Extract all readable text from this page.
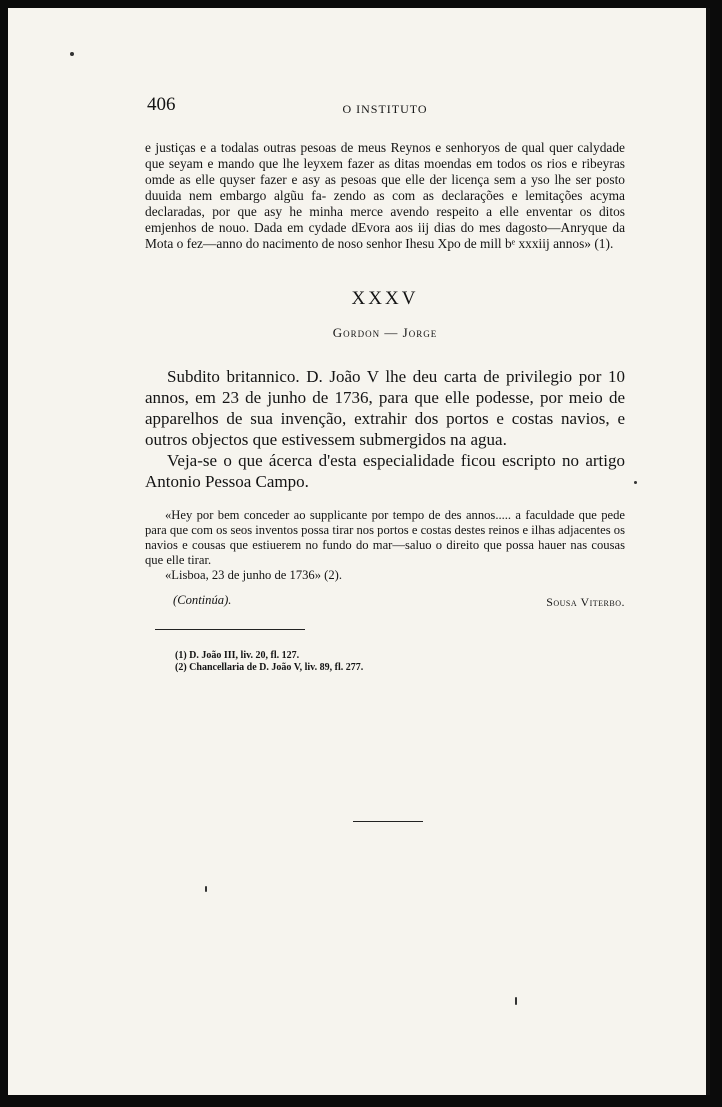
406	O INSTITUTO
e justiças e a todalas outras pesoas de meus Reynos e senhoryos de qual quer calydade que seyam e mando que lhe leyxem fazer as ditas moendas em todos os rios e ribeyras omde as elle quyser fazer e asy as pesoas que elle der licença sem a yso lhe ser posto duuida nem embargo algũu fa- zendo as com as declarações e lemitações acyma declaradas, por que asy he minha merce avendo respeito a elle enventar os ditos emjenhos de nouo. Dada em cydade dEvora aos iij dias do mes dagosto—Anryque da Mota o fez—anno do nacimento de noso senhor Ihesu Xpo de mill bᵉ xxxiij annos» (1).
XXXV
Gordon — Jorge

Subdito britannico. D. João V lhe deu carta de privilegio por 10 annos, em 23 de junho de 1736, para que elle podesse, por meio de apparelhos de sua invenção, extrahir dos portos e costas navios, e outros objectos que estivessem submergidos na agua.

Veja-se o que ácerca d'esta especialidade ficou escripto no artigo Antonio Pessoa Campo.

«Hey por bem conceder ao supplicante por tempo de des annos..... a faculdade que pede para que com os seos inventos possa tirar nos portos e costas destes reinos e ilhas adjacentes os navios e cousas que estiuerem no fundo do mar—saluo o direito que possa hauer nas cousas que elle tirar.
«Lisboa, 23 de junho de 1736» (2).

(Continúa).	Sousa Viterbo.
(1) D. João III, liv. 20, fl. 127.
(2) Chancellaria de D. João V, liv. 89, fl. 277.
